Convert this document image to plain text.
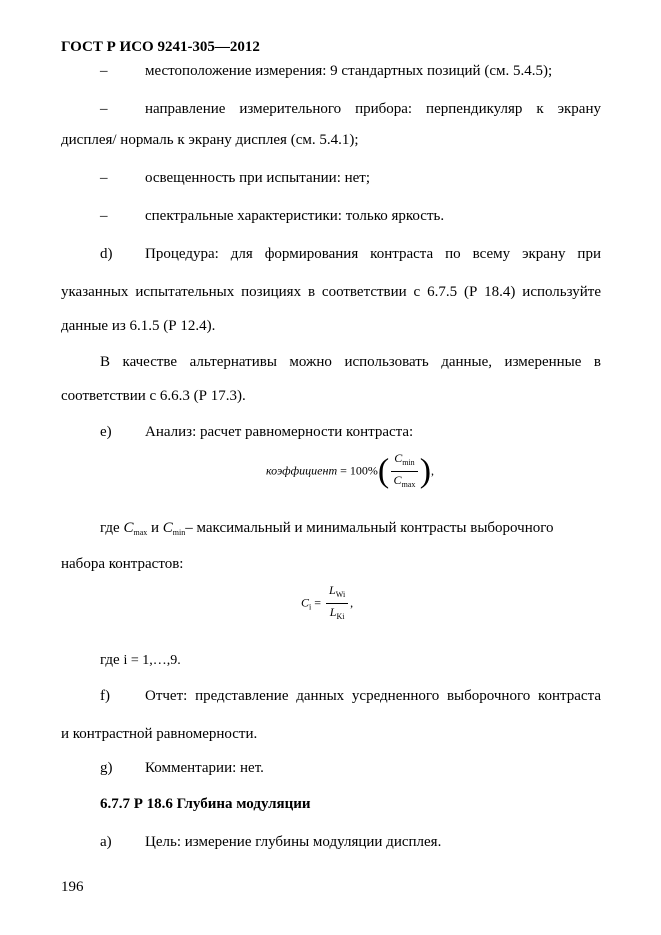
ГОСТ Р ИСО 9241-305—2012
–	местоположение измерения: 9 стандартных позиций (см. 5.4.5);
–	направление измерительного прибора: перпендикуляр к экрану
дисплея/ нормаль к экрану дисплея (см. 5.4.1);
–	освещенность при испытании: нет;
–	спектральные характеристики: только яркость.
d) Процедура: для формирования контраста по всему экрану при
указанных испытательных позициях в соответствии с 6.7.5 (Р 18.4) используйте
данные из 6.1.5 (Р 12.4).
В качестве альтернативы можно использовать данные, измеренные в
соответствии с 6.6.3 (Р 17.3).
e) Анализ: расчет равномерности контраста:
коэффициент = $100\%( \frac{C_{min}}{C_{max}}$ ),
где $C_{max}$ и $C_{min}-$ максимальный и минимальный контрасты выборочного
набора контрастов:
$C_i = \frac{L_{Wi}}{L_{Ki}}$ ,
где i = 1,…,9.
f) Отчет: представление данных усредненного выборочного контраста
и контрастной равномерности.
g) Комментарии: нет.
6.7.7 Р 18.6 Глубина модуляции
a) Цель: измерение глубины модуляции дисплея.
196
